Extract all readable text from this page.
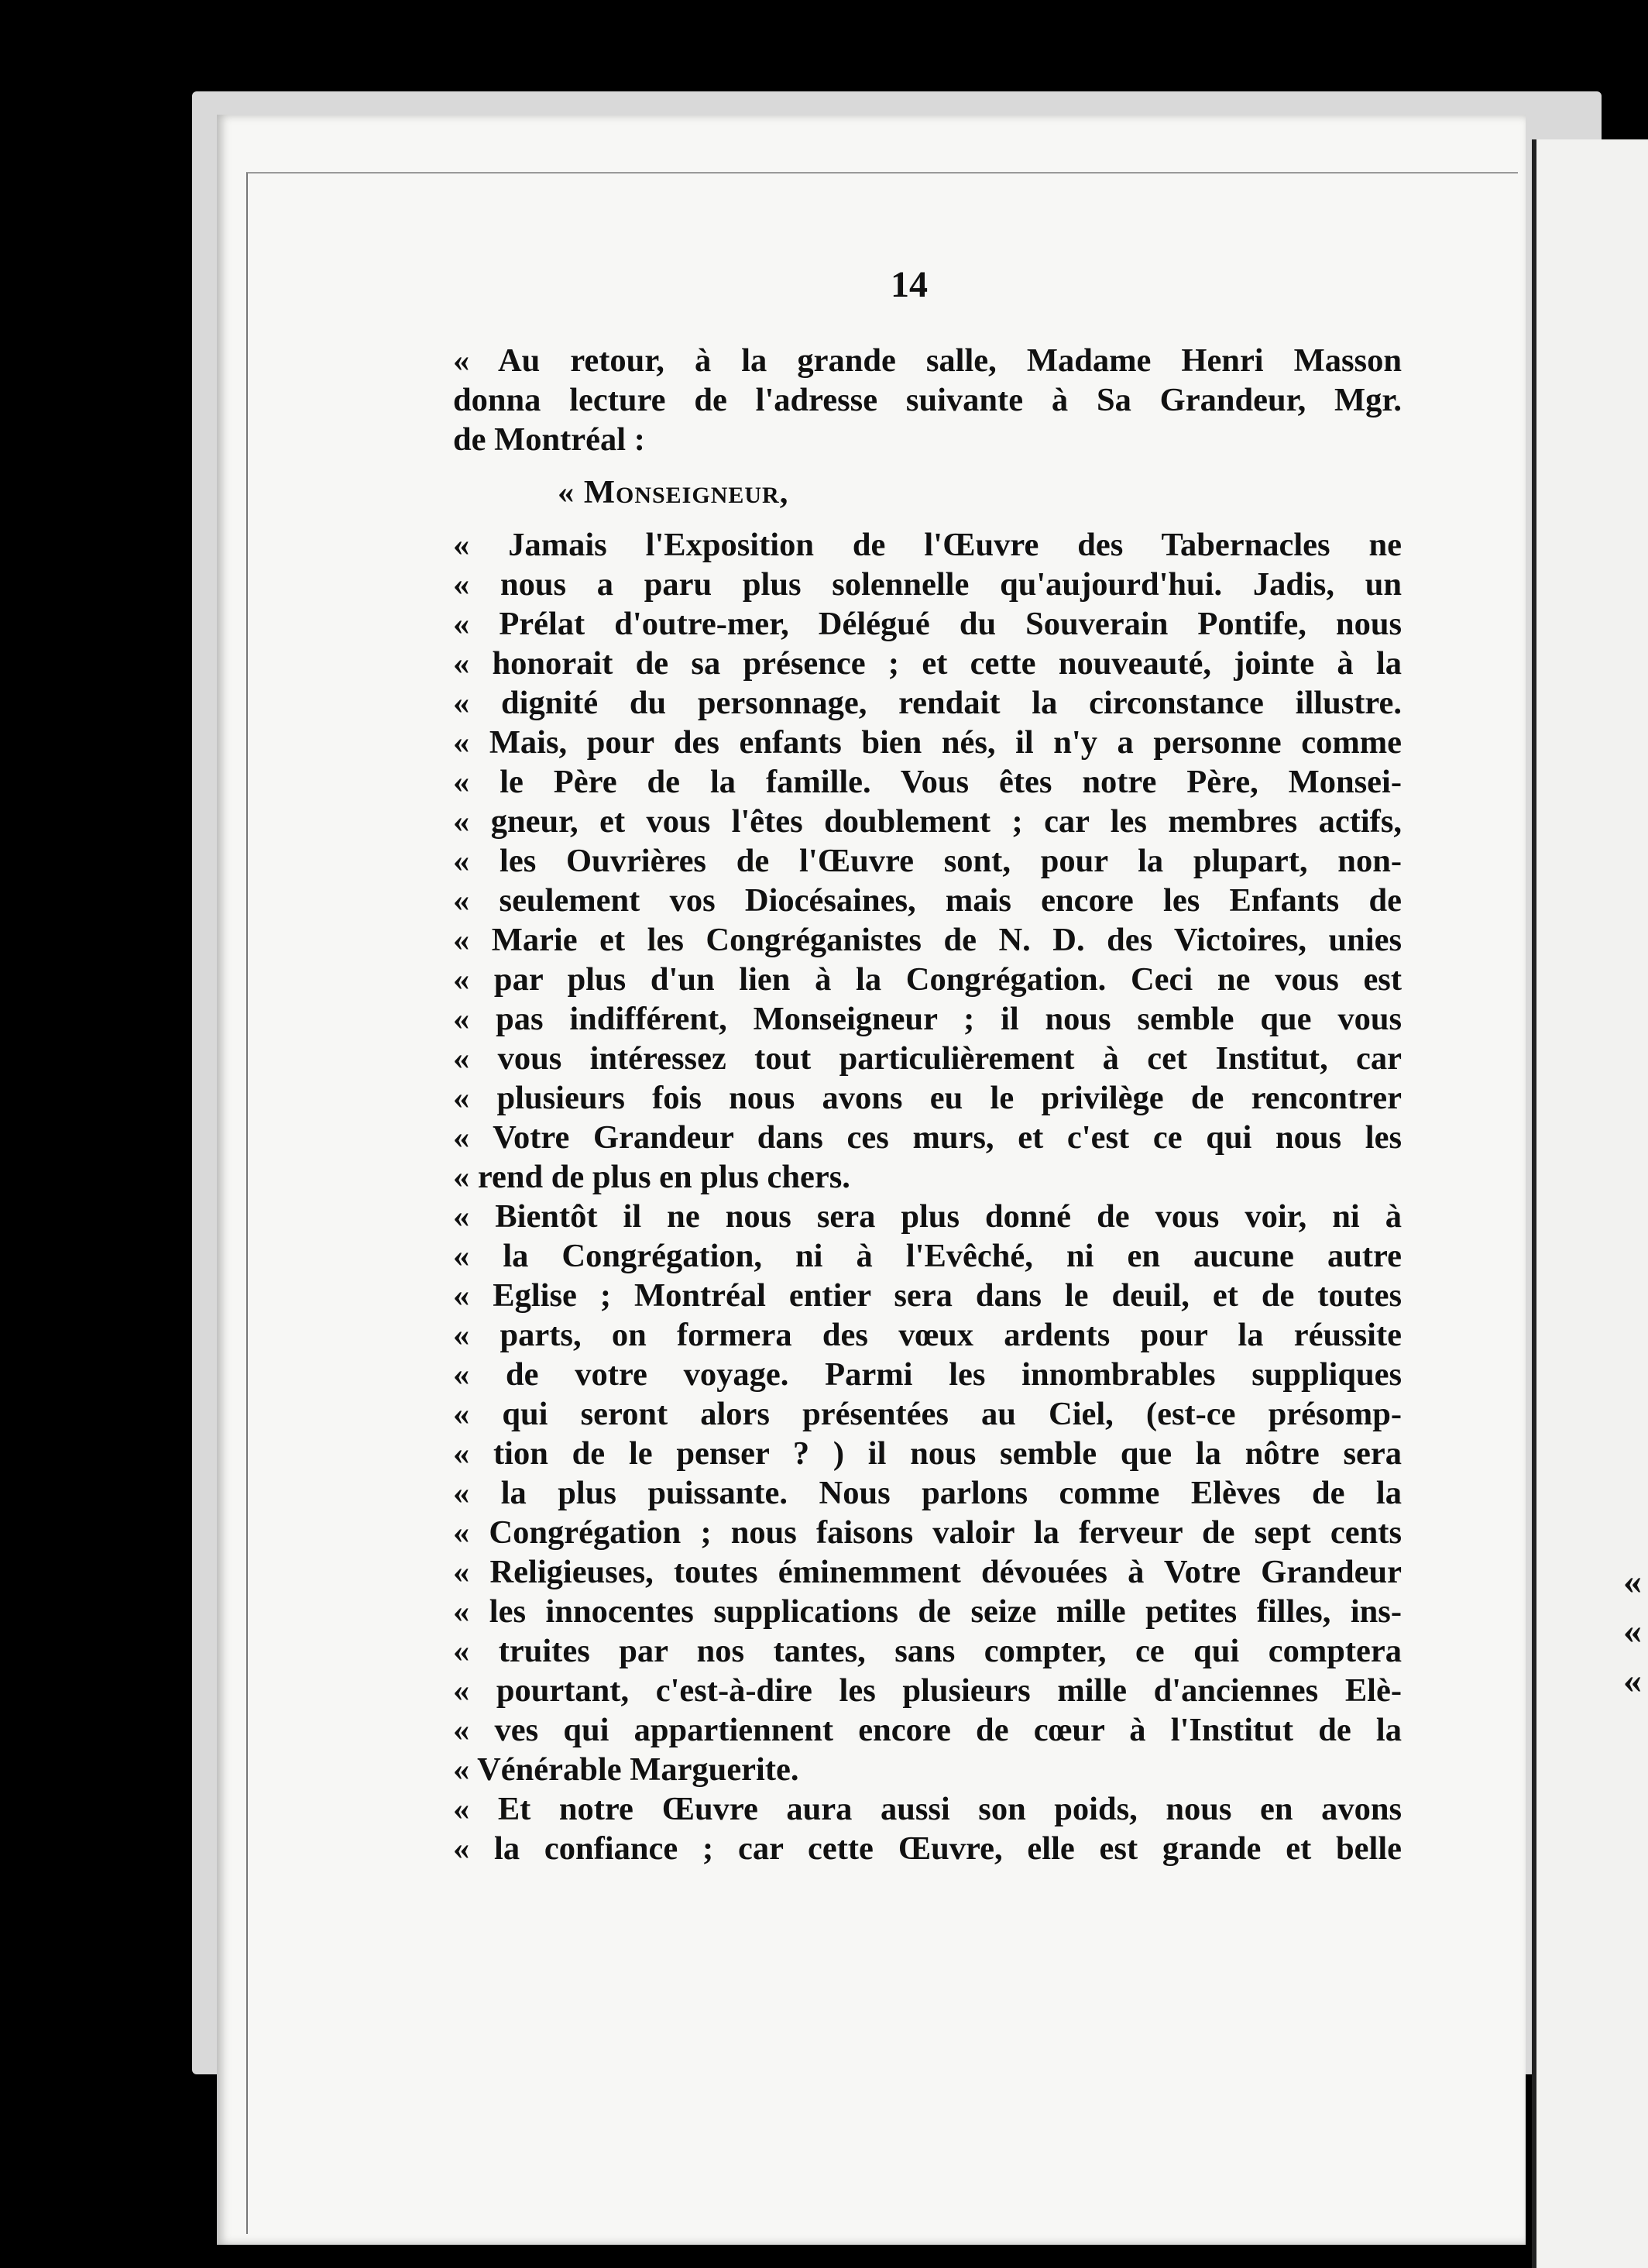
«
«
«
14
« Au retour, à la grande salle, Madame Henri Masson
donna lecture de l'adresse suivante à Sa Grandeur, Mgr.
de Montréal :
« Monseigneur,
« Jamais l'Exposition de l'Œuvre des Tabernacles ne
« nous a paru plus solennelle qu'aujourd'hui. Jadis, un
« Prélat d'outre-mer, Délégué du Souverain Pontife, nous
« honorait de sa présence ; et cette nouveauté, jointe à la
« dignité du personnage, rendait la circonstance illustre.
« Mais, pour des enfants bien nés, il n'y a personne comme
« le Père de la famille. Vous êtes notre Père, Monsei-
« gneur, et vous l'êtes doublement ; car les membres actifs,
« les Ouvrières de l'Œuvre sont, pour la plupart, non-
« seulement vos Diocésaines, mais encore les Enfants de
« Marie et les Congréganistes de N. D. des Victoires, unies
« par plus d'un lien à la Congrégation. Ceci ne vous est
« pas indifférent, Monseigneur ; il nous semble que vous
« vous intéressez tout particulièrement à cet Institut, car
« plusieurs fois nous avons eu le privilège de rencontrer
« Votre Grandeur dans ces murs, et c'est ce qui nous les
« rend de plus en plus chers.
« Bientôt il ne nous sera plus donné de vous voir, ni à
« la Congrégation, ni à l'Evêché, ni en aucune autre
« Eglise ; Montréal entier sera dans le deuil, et de toutes
« parts, on formera des vœux ardents pour la réussite
« de votre voyage. Parmi les innombrables suppliques
« qui seront alors présentées au Ciel, (est-ce présomp-
« tion de le penser ? ) il nous semble que la nôtre sera
« la plus puissante. Nous parlons comme Elèves de la
« Congrégation ; nous faisons valoir la ferveur de sept cents
« Religieuses, toutes éminemment dévouées à Votre Grandeur
« les innocentes supplications de seize mille petites filles, ins-
« truites par nos tantes, sans compter, ce qui comptera
« pourtant, c'est-à-dire les plusieurs mille d'anciennes Elè-
« ves qui appartiennent encore de cœur à l'Institut de la
« Vénérable Marguerite.
« Et notre Œuvre aura aussi son poids, nous en avons
« la confiance ; car cette Œuvre, elle est grande et belle
